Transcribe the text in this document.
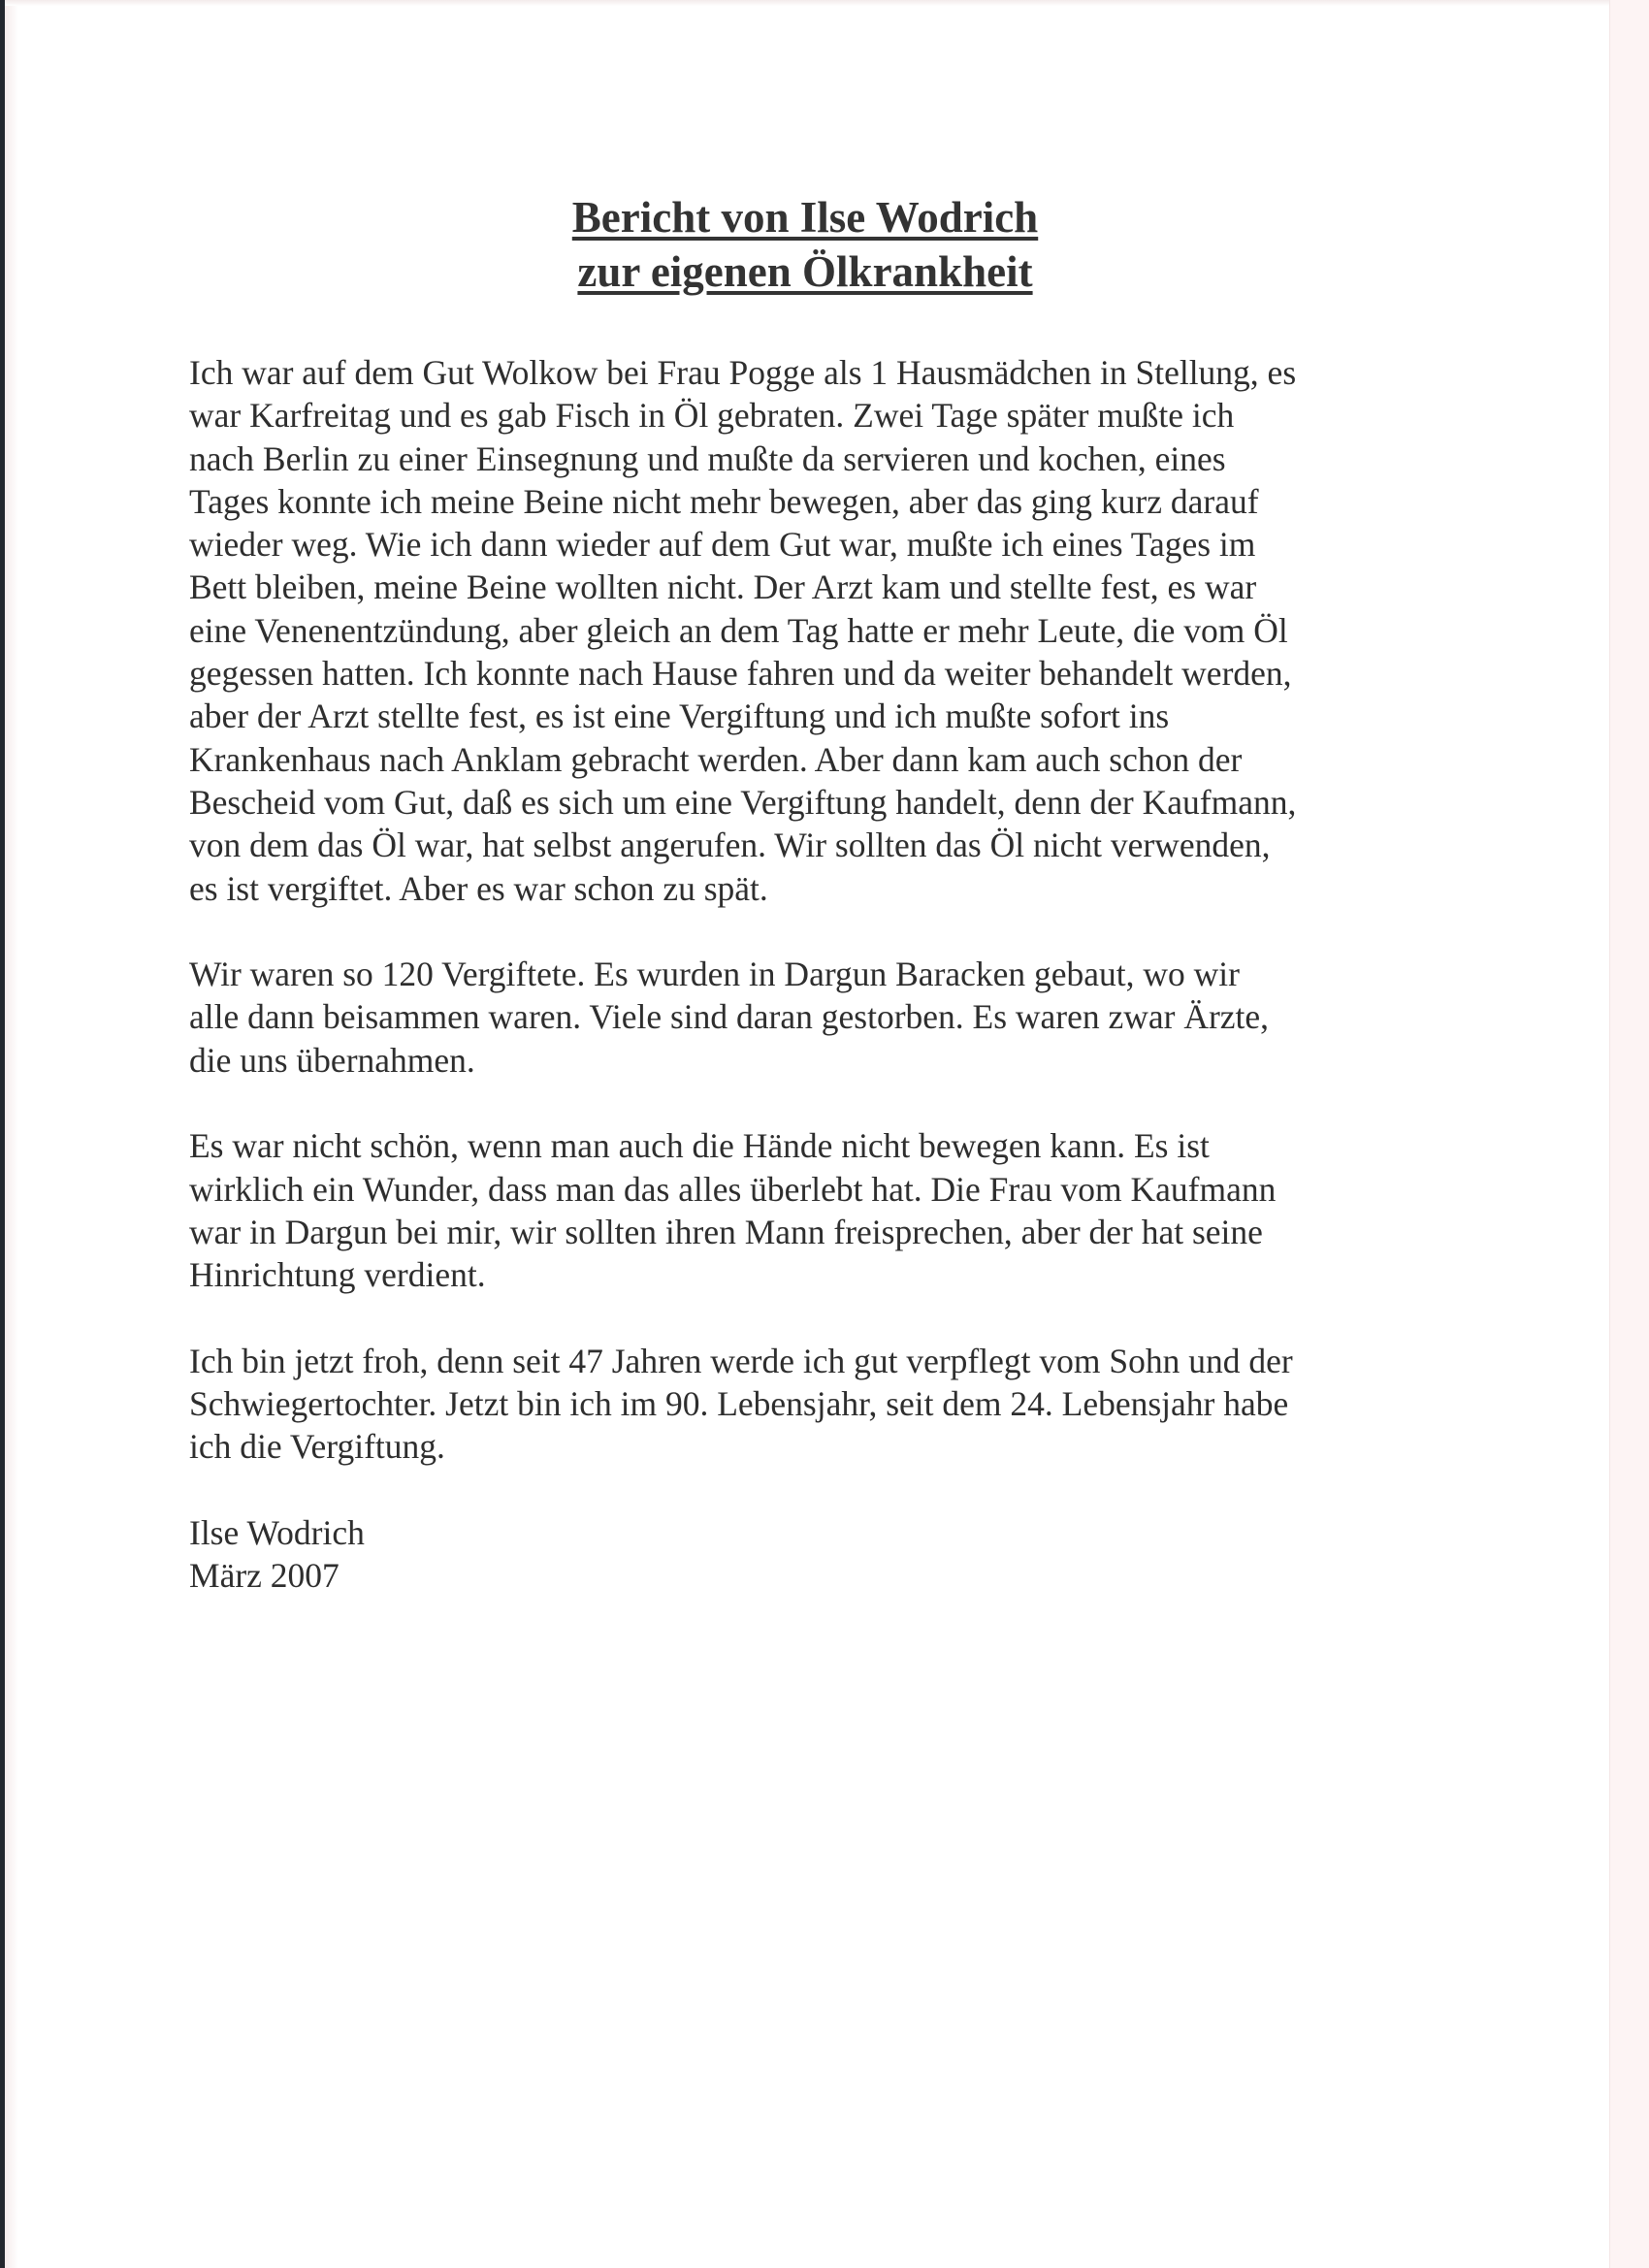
Bericht von Ilse Wodrich
zur eigenen Ölkrankheit

Ich war auf dem Gut Wolkow bei Frau Pogge als 1 Hausmädchen in Stellung, es
war Karfreitag und es gab Fisch in Öl gebraten. Zwei Tage später mußte ich
nach Berlin zu einer Einsegnung und mußte da servieren und kochen, eines
Tages konnte ich meine Beine nicht mehr bewegen, aber das ging kurz darauf
wieder weg. Wie ich dann wieder auf dem Gut war, mußte ich eines Tages im
Bett bleiben, meine Beine wollten nicht. Der Arzt kam und stellte fest, es war
eine Venenentzündung, aber gleich an dem Tag hatte er mehr Leute, die vom Öl
gegessen hatten. Ich konnte nach Hause fahren und da weiter behandelt werden,
aber der Arzt stellte fest, es ist eine Vergiftung und ich mußte sofort ins
Krankenhaus nach Anklam gebracht werden. Aber dann kam auch schon der
Bescheid vom Gut, daß es sich um eine Vergiftung handelt, denn der Kaufmann,
von dem das Öl war, hat selbst angerufen. Wir sollten das Öl nicht verwenden,
es ist vergiftet. Aber es war schon zu spät.

Wir waren so 120 Vergiftete. Es wurden in Dargun Baracken gebaut, wo wir
alle dann beisammen waren. Viele sind daran gestorben. Es waren zwar Ärzte,
die uns übernahmen.

Es war nicht schön, wenn man auch die Hände nicht bewegen kann. Es ist
wirklich ein Wunder, dass man das alles überlebt hat. Die Frau vom Kaufmann
war in Dargun bei mir, wir sollten ihren Mann freisprechen, aber der hat seine
Hinrichtung verdient.

Ich bin jetzt froh, denn seit 47 Jahren werde ich gut verpflegt vom Sohn und der
Schwiegertochter. Jetzt bin ich im 90. Lebensjahr, seit dem 24. Lebensjahr habe
ich die Vergiftung.

Ilse Wodrich
März 2007
